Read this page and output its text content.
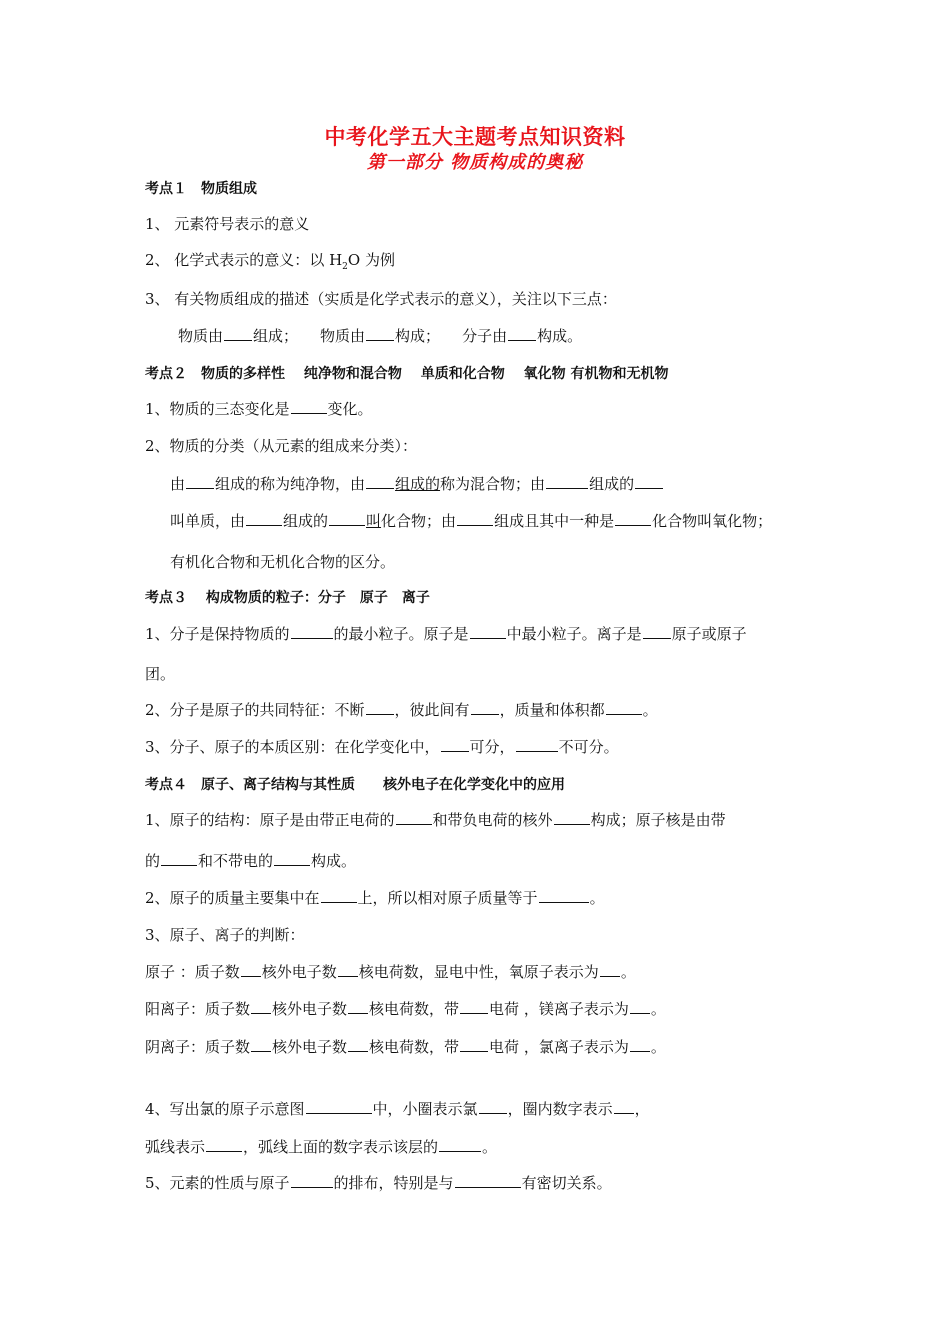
中考化学五大主题考点知识资料
第一部分 物质构成的奥秘
考点１　物质组成
1、 元素符号表示的意义
2、 化学式表示的意义：以 $H_2O$ 为例
3、 有关物质组成的描述（实质是化学式表示的意义），关注以下三点：
物质由 组成； 物质由 构成； 分子由 构成。
考点２　物质的多样性　 纯净物和混合物　 单质和化合物　 氧化物 有机物和无机物
1、物质的三态变化是	变化。
2、物质的分类（从元素的组成来分类）：
由 组成的称为纯净物，由 组成的称为混合物；由	组成的
叫单质，由	组成的	叫化合物；由	组成且其中一种是	化合物叫氧化物；
有机化合物和无机化合物的区分。
考点３　 构成物质的粒子：分子　原子　离子
1、分子是保持物质的	的最小粒子。原子是	中最小粒子。离子是 原子或原子
团。
2、分子是原子的共同特征：不断 ，彼此间有 ，质量和体积都	。
3、分子、原子的本质区别：在化学变化中， 可分，	不可分。
考点４　原子、离子结构与其性质　　核外电子在化学变化中的应用
1、原子的结构：原子是由带正电荷的	和带负电荷的核外	构成；原子核是由带
的	和不带电的	构成。
2、原子的质量主要集中在	上，所以相对原子质量等于	。
3、原子、离子的判断：
原子 ：质子数 核外电子数 核电荷数，显电中性，氧原子表示为 。
阳离子：质子数 核外电子数 核电荷数，带 电荷 ，镁离子表示为 。
阴离子：质子数 核外电子数 核电荷数，带 电荷 ，氯离子表示为 。
4、写出氯的原子示意图	中，小圈表示氯 ，圈内数字表示 ，
弧线表示	，弧线上面的数字表示该层的	。
5、元素的性质与原子	的排布，特别是与	有密切关系。
